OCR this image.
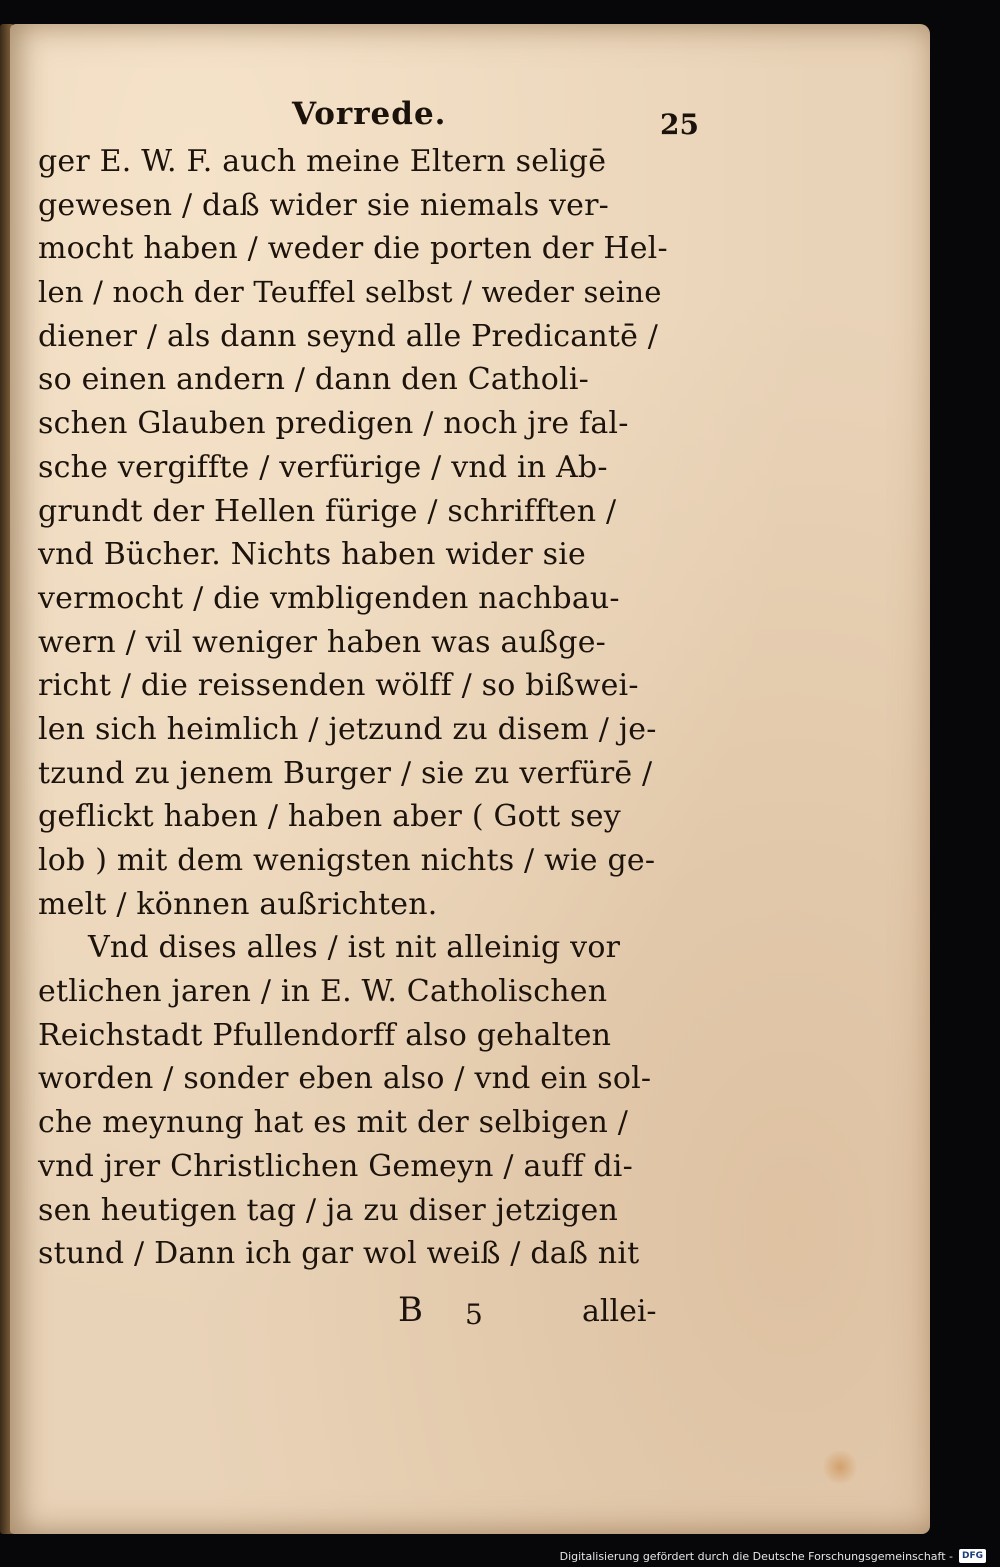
Vorrede.	25
ger E. W. F. auch meine Eltern seligē
gewesen / daß wider sie niemals ver-
mocht haben / weder die porten der Hel-
len / noch der Teuffel selbst / weder seine
diener / als dann seynd alle Predicantē /
so einen andern / dann den Catholi-
schen Glauben predigen / noch jre fal-
sche vergiffte / verfürige / vnd in Ab-
grundt der Hellen fürige / schrifften /
vnd Bücher. Nichts haben wider sie
vermocht / die vmbligenden nachbau-
wern / vil weniger haben was außge-
richt / die reissenden wölff / so bißwei-
len sich heimlich / jetzund zu disem / je-
tzund zu jenem Burger / sie zu verfürē /
geflickt haben / haben aber ( Gott sey
lob ) mit dem wenigsten nichts / wie ge-
melt / können außrichten.
Vnd dises alles / ist nit alleinig vor
etlichen jaren / in E. W. Catholischen
Reichstadt Pfullendorff also gehalten
worden / sonder eben also / vnd ein sol-
che meynung hat es mit der selbigen /
vnd jrer Christlichen Gemeyn / auff di-
sen heutigen tag / ja zu diser jetzigen
stund / Dann ich gar wol weiß / daß nit
B 5	allei-
Digitalisierung gefördert durch die Deutsche Forschungsgemeinschaft -	DFG
